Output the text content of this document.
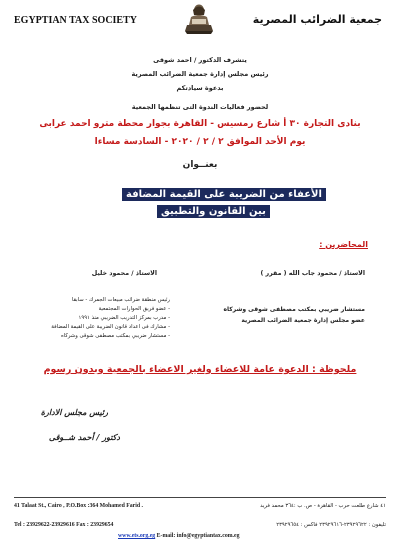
EGYPTIAN TAX SOCIETY	جمعية الضرائب المصرية
يتشرف الدكتور / احمد شوقى
رئيس مجلس إدارة جمعية الضرائب المصرية
بدعوة سيادتكم
لحضور فعاليات الندوة التى تنظمها الجمعية
بنادى التجارة ٣٠ أ شارع رمسيس - القاهرة بجوار محطة مترو احمد عرابى
يوم الأحد الموافق ٢ / ٢ / ٢٠٢٠ - السادسة مساءا
بعنــوان
الأعفاء من الضريبة على القيمة المضافة
بين القانون والتطبيق
المحاضرين :
الاستاذ / محمود جاب الله ( مقرر )
مستشار ضريبي بمكتب مصطفى شوقى وشركاه
عضو مجلس إدارة جمعية الضرائب المصرية
الاستاذ / محمود خليل
رئيس منطقة ضرائب مبيعات الجمرك - سابقا
- عضو فريق الحوارات المجتمعية
- مدرب بمركز التدريب الضريبي منذ ١٩٩١
- مشارك فى اعداد قانون الضريبة على القيمة المضافة
- مستشار ضريبي بمكتب مصطفى شوقى وشركاه
ملحوظة : الدعوة عامة للاعضاء ولغير الاعضاء بالجمعية وبدون رسوم
رئيس مجلس الادارة
دكتور / أحمد شــوقى
41 Talaat St., Cairo , P.O.Box :364 Mohamed Farid .	٤١ شارع طلعت حرب - القاهرة - ص. ب :٣٦٤ محمد فريد
Tel : 23929622-23929616 Fax : 23929654	تليفون : ٢٣٩٢٩٦٢٢-٢٣٩٢٩٦١٦ فاكس : ٢٣٩٢٩٦٥٤
www.ets.org.eg E-mail: info@egyptiantax.com.eg
